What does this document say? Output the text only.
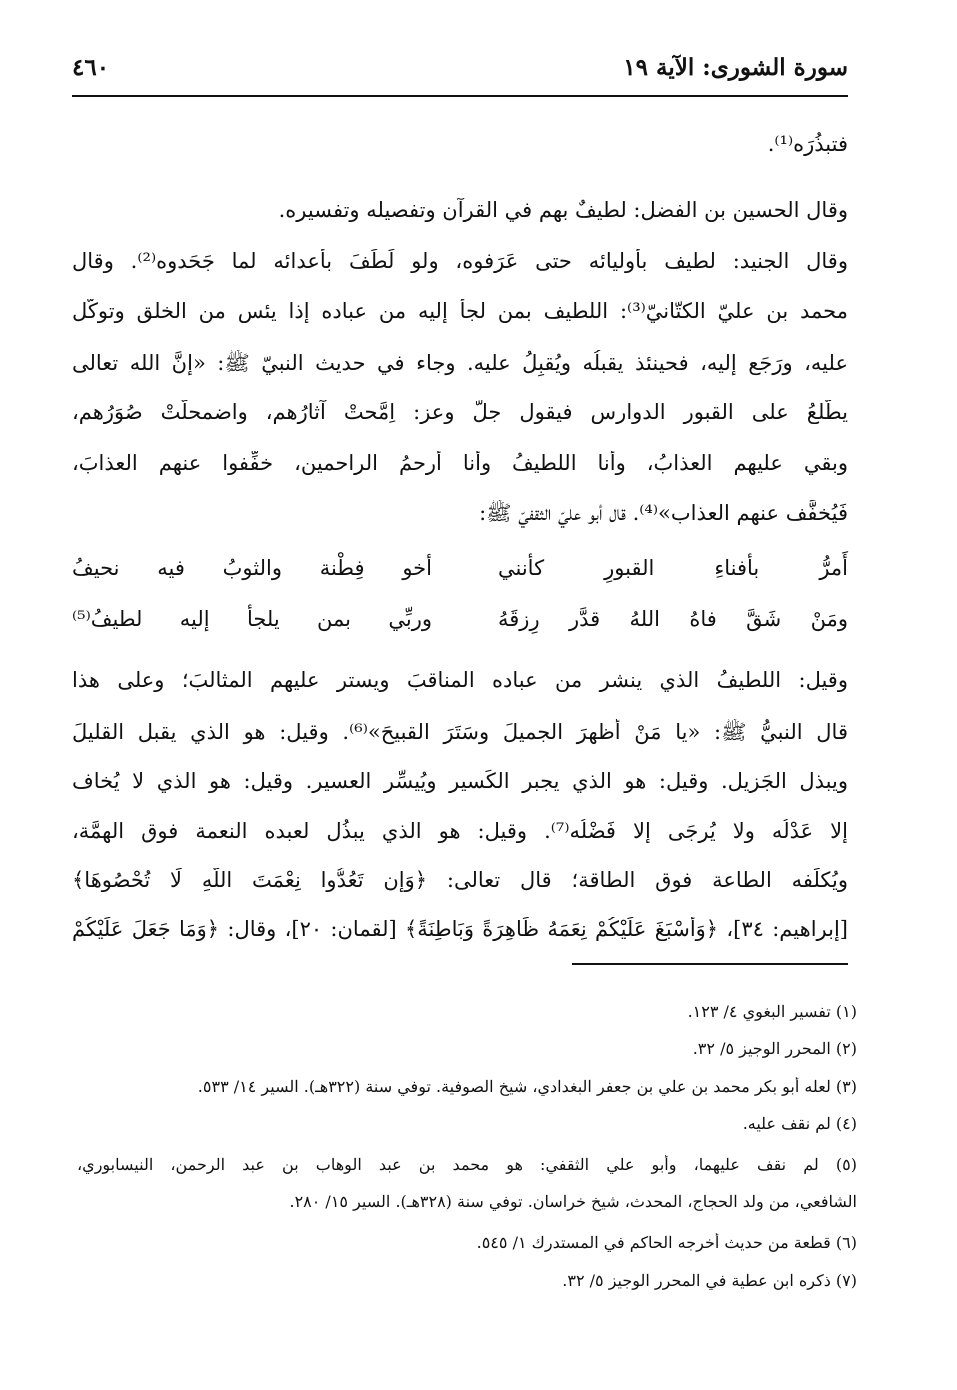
سورة الشورى: الآية ١٩
٤٦٠
فتبذُرَه⁽¹⁾.
وقال الحسين بن الفضل: لطيفٌ بهم في القرآن وتفصيله وتفسيره.
وقال الجنيد: لطيف بأوليائه حتى عَرَفوه، ولو لَطَفَ بأعدائه لما جَحَدوه⁽²⁾. وقال
محمد بن عليّ الكتّانيّ⁽³⁾: اللطيف بمن لجأ إليه من عباده إذا يئس من الخلق وتوكّل
عليه، ورَجَع إليه، فحينئذ يقبلُه ويُقبِلُ عليه. وجاء في حديث النبيّ ﷺ: «إنَّ الله تعالى
يطَّلعُ على القبور الدوارس فيقول جلّ وعز: اِمَّحتْ آثارُهم، واضمحلّتْ صُوَرُهم،
وبقي عليهم العذابُ، وأنا اللطيفُ وأنا أرحمُ الراحمين، خفِّفوا عنهم العذابَ،
فَيُخفَّف عنهم العذاب»⁽⁴⁾. قال أبو عليّ الثقفيّ ﷺ:
أَمرُّ بأفناءِ القبورِ كأنني
أخو فِطْنة والثوبُ فيه نحيفُ
ومَنْ شَقَّ فاهُ اللهُ قدَّر رِزقَهُ
وربِّي بمن يلجأ إليه لطيفُ⁽⁵⁾
وقيل: اللطيفُ الذي ينشر من عباده المناقبَ ويستر عليهم المثالبَ؛ وعلى هذا
قال النبيُّ ﷺ: «يا مَنْ أظهرَ الجميلَ وسَتَرَ القبيحَ»⁽⁶⁾. وقيل: هو الذي يقبل القليلَ
ويبذل الجَزيل. وقيل: هو الذي يجبر الكَسير ويُيسِّر العسير. وقيل: هو الذي لا يُخاف
إلا عَدْلُه ولا يُرجَى إلا فَضْلُه⁽⁷⁾. وقيل: هو الذي يبذُل لعبده النعمة فوق الهِمَّة،
ويُكلِّفه الطاعة فوق الطاقة؛ قال تعالى: ﴿وَإِن تَعُدُّوا نِعْمَتَ اللَّهِ لَا تُحْصُوهَا﴾
[إبراهيم: ٣٤]، ﴿وَأَسْبَغَ عَلَيْكُمْ نِعَمَهُ ظَاهِرَةً وَبَاطِنَةً﴾ [لقمان: ٢٠]، وقال: ﴿وَمَا جَعَلَ عَلَيْكُمْ
(١) تفسير البغوي ٤/ ١٢٣.
(٢) المحرر الوجيز ٥/ ٣٢.
(٣) لعله أبو بكر محمد بن علي بن جعفر البغدادي، شيخ الصوفية. توفي سنة (٣٢٢هـ). السير ١٤/ ٥٣٣.
(٤) لم نقف عليه.
(٥) لم نقف عليهما، وأبو علي الثقفي: هو محمد بن عبد الوهاب بن عبد الرحمن، النيسابوري،
الشافعي، من ولد الحجاج، المحدث، شيخ خراسان. توفي سنة (٣٢٨هـ). السير ١٥/ ٢٨٠.
(٦) قطعة من حديث أخرجه الحاكم في المستدرك ١/ ٥٤٥.
(٧) ذكره ابن عطية في المحرر الوجيز ٥/ ٣٢.
